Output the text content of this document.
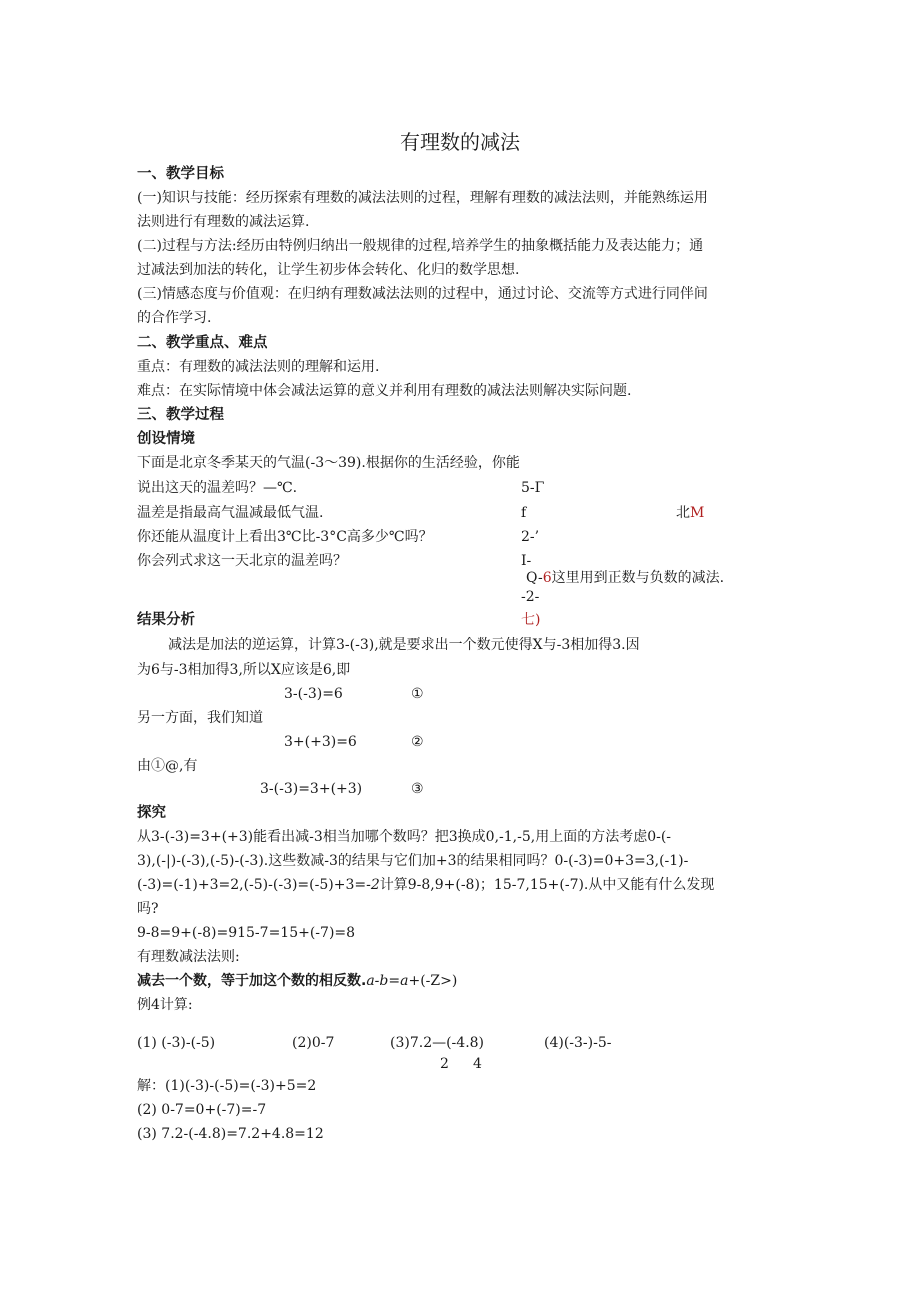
有理数的减法
一、教学目标
(一)知识与技能：经历探索有理数的减法法则的过程，理解有理数的减法法则，并能熟练运用
法则进行有理数的减法运算.
(二)过程与方法:经历由特例归纳出一般规律的过程,培养学生的抽象概括能力及表达能力；通
过减法到加法的转化，让学生初步体会转化、化归的数学思想.
(三)情感态度与价值观：在归纳有理数减法法则的过程中，通过讨论、交流等方式进行同伴间
的合作学习.
二、教学重点、难点
重点：有理数的减法法则的理解和运用.
难点：在实际情境中体会减法运算的意义并利用有理数的减法法则解决实际问题.
三、教学过程
创设情境
下面是北京冬季某天的气温(-3～39).根据你的生活经验，你能
说出这天的温差吗？—℃.
温差是指最高气温减最低气温.
你还能从温度计上看出3℃比-3°C高多少℃吗？
你会列式求这一天北京的温差吗？
5-Γ
f	北M
2-’
I-
Q-6这里用到正数与负数的减法.
-2-
七)
结果分析
减法是加法的逆运算，计算3-(-3),就是要求出一个数元使得X与-3相加得3.因
为6与-3相加得3,所以X应该是6,即
3-(-3)=6	①
另一方面，我们知道
3+(+3)=6	②
由①@,有
3-(-3)=3+(+3)	③
探究
从3-(-3)=3+(+3)能看出减-3相当加哪个数吗？把3换成0,-1,-5,用上面的方法考虑0-(-
3),(-|)-(-3),(-5)-(-3).这些数减-3的结果与它们加+3的结果相同吗？0-(-3)=0+3=3,(-1)-
(-3)=(-1)+3=2,(-5)-(-3)=(-5)+3=-2计算9-8,9+(-8)；15-7,15+(-7).从中又能有什么发现
吗?
9-8=9+(-8)=915-7=15+(-7)=8
有理数减法法则:
减去一个数，等于加这个数的相反数.a-b=a+(-Z>)
例4计算:
(1) (-3)-(-5)	(2)0-7	(3)7.2—(-4.8)	(4)(-3-)-5-
2 4
解：(1)(-3)-(-5)=(-3)+5=2
(2) 0-7=0+(-7)=-7
(3) 7.2-(-4.8)=7.2+4.8=12
